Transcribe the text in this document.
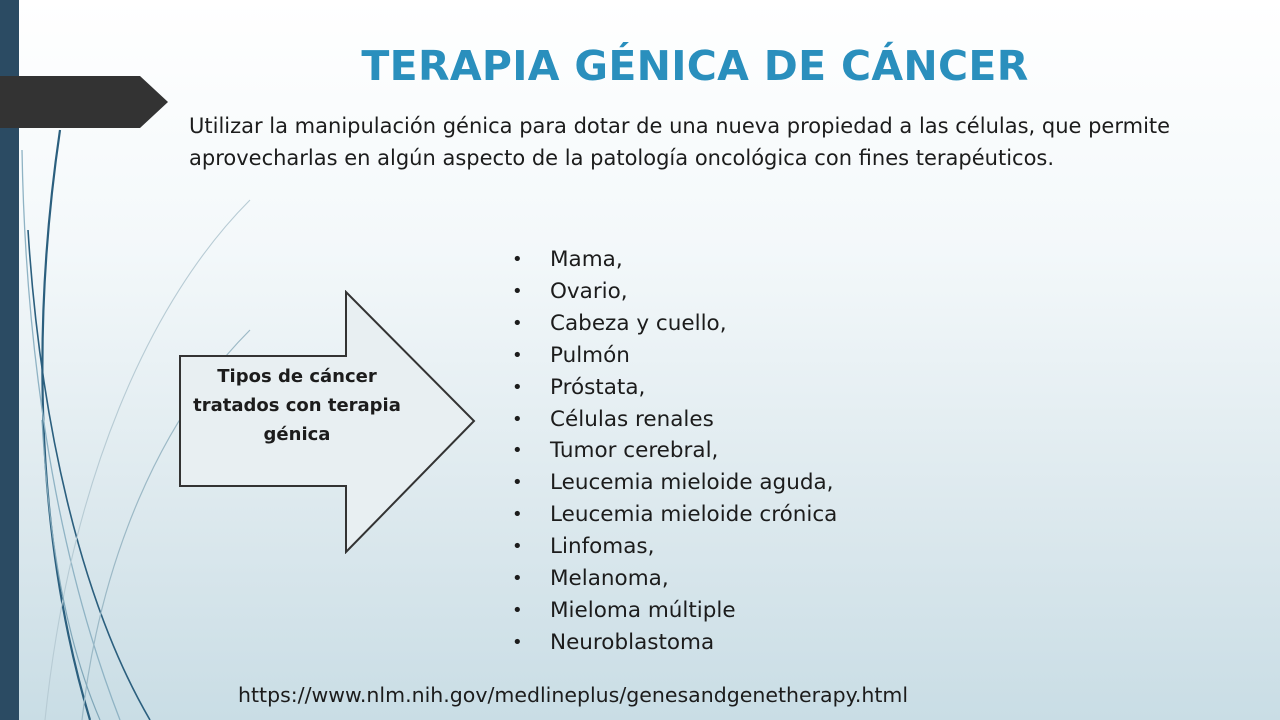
TERAPIA GÉNICA DE CÁNCER

Utilizar la manipulación génica para dotar de una nueva propiedad a las células, que permite aprovecharlas en algún aspecto de la patología oncológica con fines terapéuticos.

Tipos de cáncer tratados con terapia génica
• Mama,
• Ovario,
• Cabeza y cuello,
• Pulmón
• Próstata,
• Células renales
• Tumor cerebral,
• Leucemia mieloide aguda,
• Leucemia mieloide crónica
• Linfomas,
• Melanoma,
• Mieloma múltiple
• Neuroblastoma

https://www.nlm.nih.gov/medlineplus/genesandgenetherapy.html
